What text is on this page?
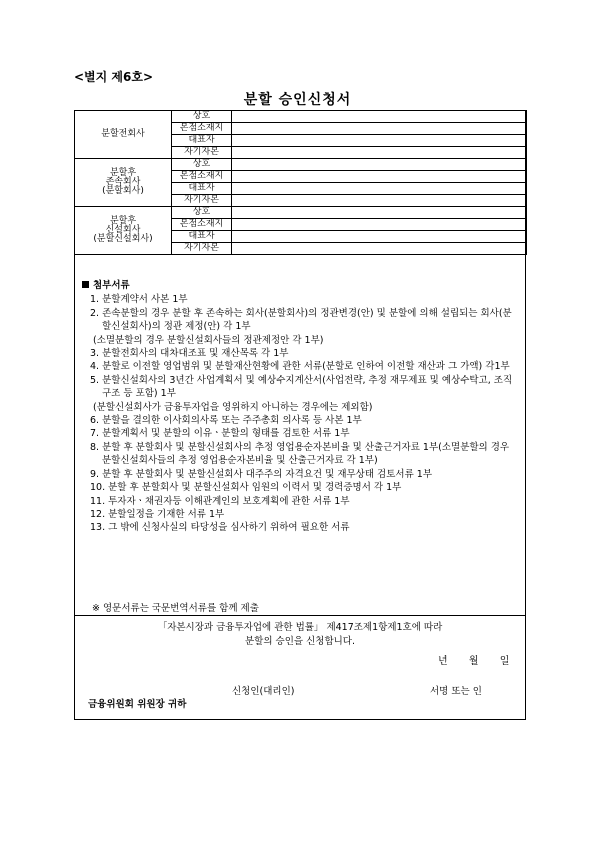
<별지 제6호>
분할 승인신청서
분할전회사	상호	
	본점소재지	
	대표자	
	자기자본	
분할후
존속회사
(분할회사)	상호	
	본점소재지	
	대표자	
	자기자본	
분할후
신설회사
(분할신설회사)	상호	
	본점소재지	
	대표자	
	자기자본	
첨부서류
1. 분할계약서 사본 1부
2. 존속분할의 경우 분할 후 존속하는 회사(분할회사)의 정관변경(안) 및 분할에 의해 설립되는 회사(분할신설회사)의 정관 제정(안) 각 1부
(소멸분할의 경우 분할신설회사들의 정관제정안 각 1부)
3. 분할전회사의 대차대조표 및 재산목록 각 1부
4. 분할로 이전할 영업범위 및 분할재산현황에 관한 서류(분할로 인하여 이전할 재산과 그 가액) 각1부
5. 분할신설회사의 3년간 사업계획서 및 예상수지계산서(사업전략, 추정 재무제표 및 예상수탁고, 조직구조 등 포함) 1부
(분할신설회사가 금융투자업을 영위하지 아니하는 경우에는 제외함)
6. 분할을 결의한 이사회의사록 또는 주주총회 의사록 등 사본 1부
7. 분할계획서 및 분할의 이유ㆍ분할의 형태를 검토한 서류 1부
8. 분할 후 분할회사 및 분할신설회사의 추정 영업용순자본비율 및 산출근거자료 1부(소멸분할의 경우 분할신설회사들의 추정 영업용순자본비율 및 산출근거자료 각 1부)
9. 분할 후 분할회사 및 분할신설회사 대주주의 자격요건 및 재무상태 검토서류 1부
10. 분할 후 분할회사 및 분할신설회사 임원의 이력서 및 경력증명서 각 1부
11. 투자자ㆍ채권자등 이해관계인의 보호계획에 관한 서류 1부
12. 분할일정을 기재한 서류 1부
13. 그 밖에 신청사실의 타당성을 심사하기 위하여 필요한 서류
※ 영문서류는 국문번역서류를 함께 제출
「자본시장과 금융투자업에 관한 법률」 제417조제1항제1호에 따라
분할의 승인을 신청합니다.
년 월 일
신청인(대리인)	서명 또는 인
금융위원회 위원장 귀하
